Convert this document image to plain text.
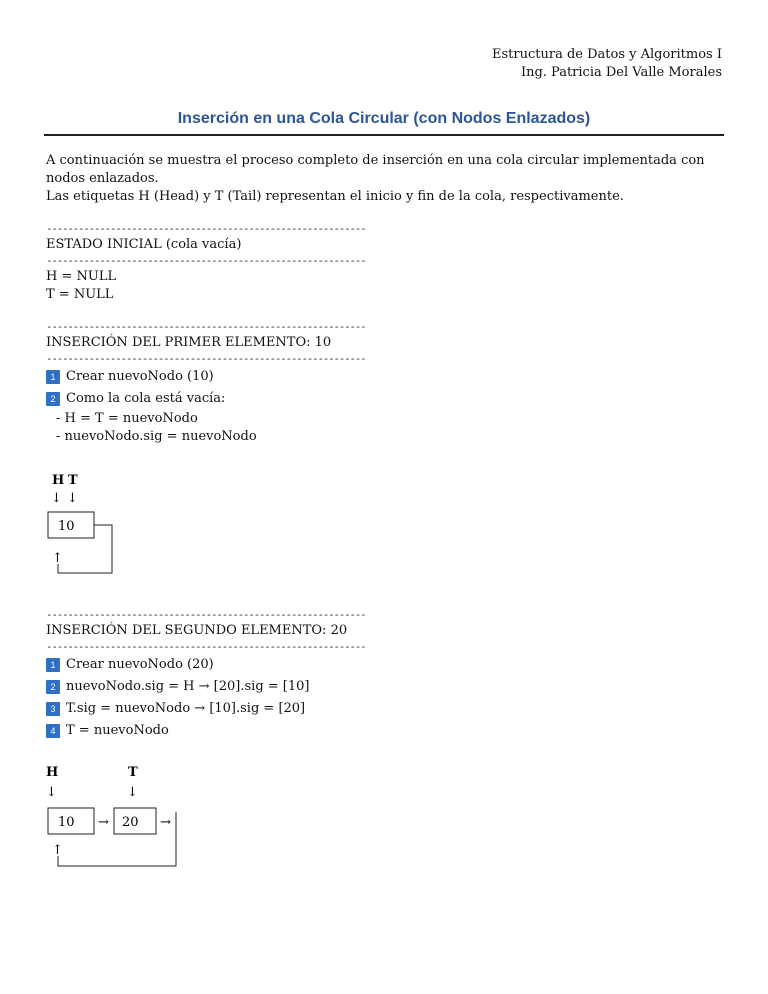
Estructura de Datos y Algoritmos I
Ing. Patricia Del Valle Morales
Inserción en una Cola Circular (con Nodos Enlazados)
A continuación se muestra el proceso completo de inserción en una cola circular implementada con nodos enlazados.
Las etiquetas H (Head) y T (Tail) representan el inicio y fin de la cola, respectivamente.
------------------------------------------------------------
ESTADO INICIAL (cola vacía)
------------------------------------------------------------
H = NULL
T = NULL
------------------------------------------------------------
INSERCIÓN DEL PRIMER ELEMENTO: 10
------------------------------------------------------------
1 Crear nuevoNodo (10)
2 Como la cola está vacía:
- H = T = nuevoNodo
- nuevoNodo.sig = nuevoNodo
H T
↓ ↓
10
↑
------------------------------------------------------------
INSERCIÓN DEL SEGUNDO ELEMENTO: 20
------------------------------------------------------------
1 Crear nuevoNodo (20)
2 nuevoNodo.sig = H → [20].sig = [10]
3 T.sig = nuevoNodo → [10].sig = [20]
4 T = nuevoNodo
H	T
↓	↓
10 → 20 →
↑
